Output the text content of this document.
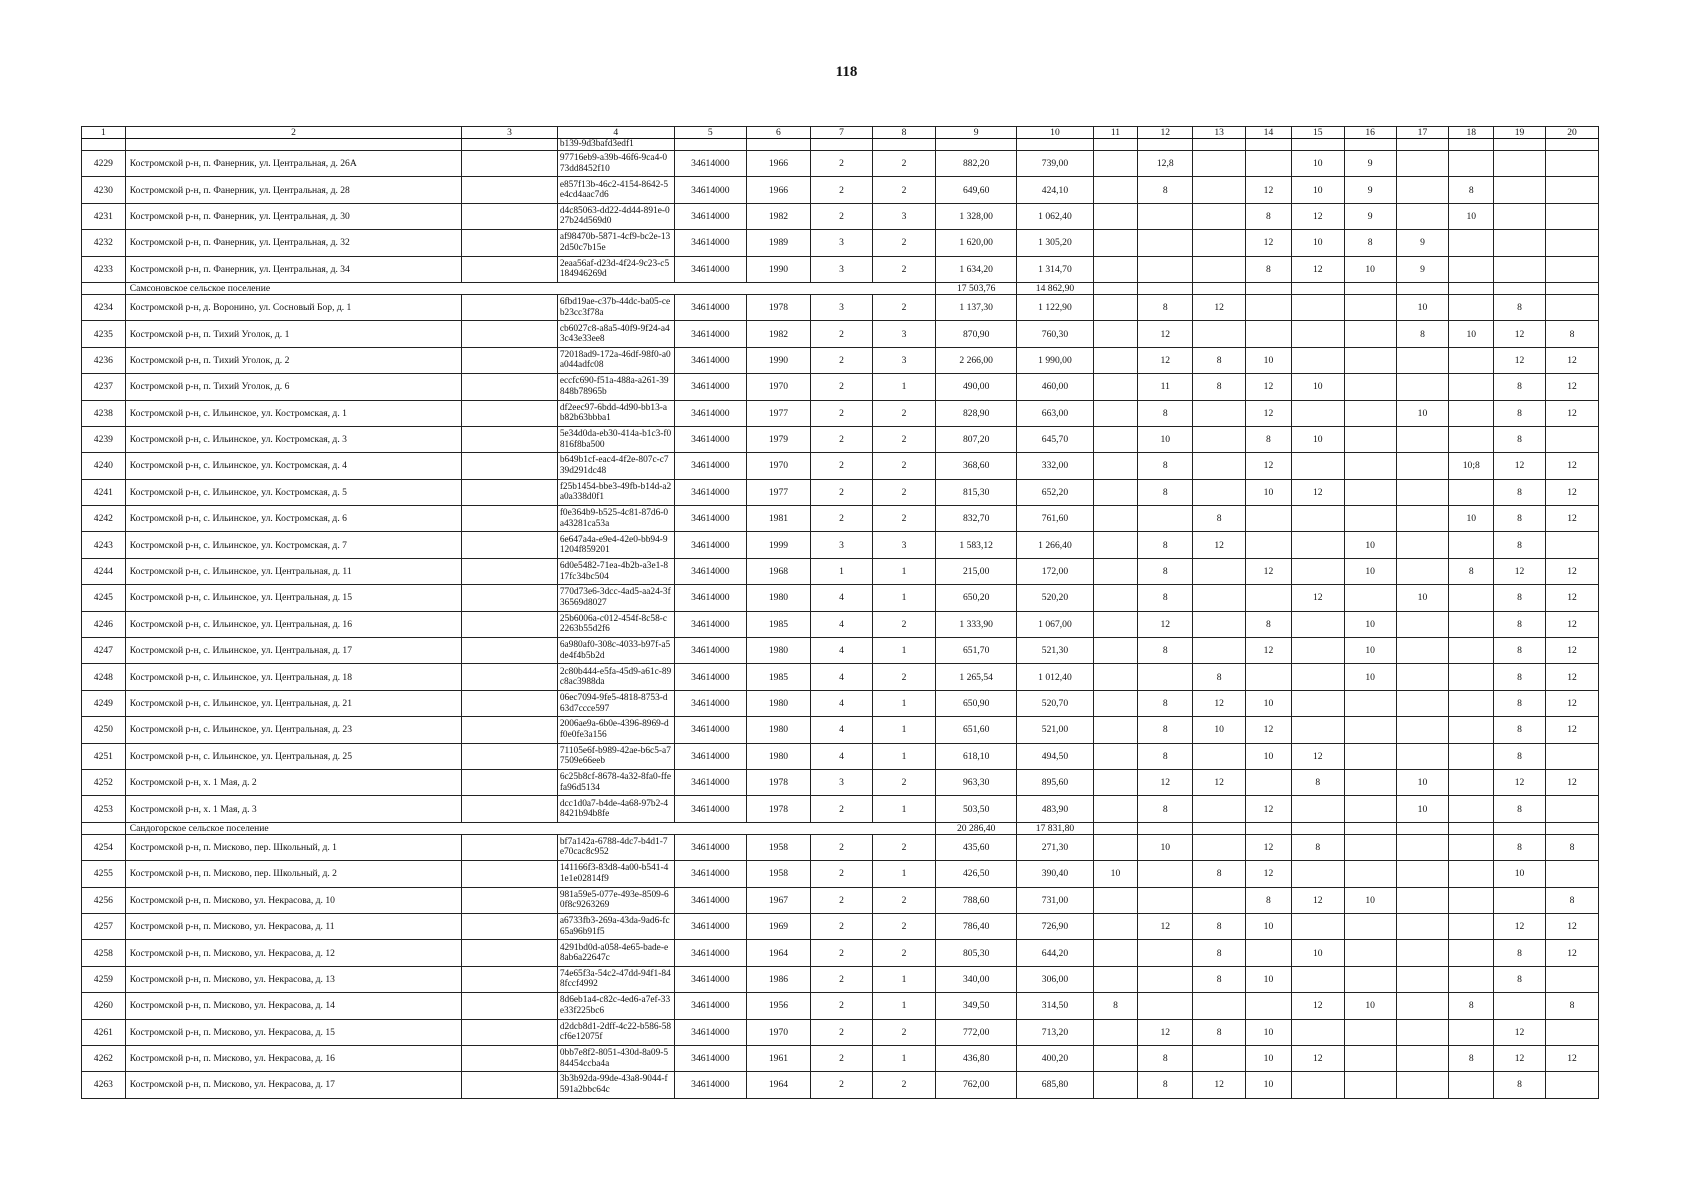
118
1	2	3	4	5	6	7	8	9	10	11	12	13	14	15	16	17	18	19	20
			b139-9d3bafd3edf1																
4229	Костромской р-н, п. Фанерник, ул. Центральная, д. 26А		97716eb9-a39b-46f6-9ca4-073dd8452f10	34614000	1966	2	2	882,20	739,00		12,8			10	9				
4230	Костромской р-н, п. Фанерник, ул. Центральная, д. 28		e857f13b-46c2-4154-8642-5e4cd4aac7d6	34614000	1966	2	2	649,60	424,10		8		12	10	9		8		
4231	Костромской р-н, п. Фанерник, ул. Центральная, д. 30		d4c85063-dd22-4d44-891e-027b24d569d0	34614000	1982	2	3	1 328,00	1 062,40				8	12	9		10		
4232	Костромской р-н, п. Фанерник, ул. Центральная, д. 32		af98470b-5871-4cf9-bc2e-132d50c7b15e	34614000	1989	3	2	1 620,00	1 305,20				12	10	8	9			
4233	Костромской р-н, п. Фанерник, ул. Центральная, д. 34		2eaa56af-d23d-4f24-9c23-c5184946269d	34614000	1990	3	2	1 634,20	1 314,70				8	12	10	9			
	Самсоновское сельское поселение							17 503,76	14 862,90										
4234	Костромской р-н, д. Воронино, ул. Сосновый Бор, д. 1		6fbd19ae-c37b-44dc-ba05-ceb23cc3f78a	34614000	1978	3	2	1 137,30	1 122,90		8	12				10		8	
4235	Костромской р-н, п. Тихий Уголок, д. 1		cb6027c8-a8a5-40f9-9f24-a43c43e33ee8	34614000	1982	2	3	870,90	760,30		12					8	10	12	8
4236	Костромской р-н, п. Тихий Уголок, д. 2		72018ad9-172a-46df-98f0-a0a044adfc08	34614000	1990	2	3	2 266,00	1 990,00		12	8	10					12	12
4237	Костромской р-н, п. Тихий Уголок, д. 6		eccfc690-f51a-488a-a261-39848b78965b	34614000	1970	2	1	490,00	460,00		11	8	12	10				8	12
4238	Костромской р-н, с. Ильинское, ул. Костромская, д. 1		df2eec97-6bdd-4d90-bb13-ab82b63bbba1	34614000	1977	2	2	828,90	663,00		8		12			10		8	12
4239	Костромской р-н, с. Ильинское, ул. Костромская, д. 3		5e34d0da-eb30-414a-b1c3-f0816f8ba500	34614000	1979	2	2	807,20	645,70		10		8	10				8	
4240	Костромской р-н, с. Ильинское, ул. Костромская, д. 4		b649b1cf-eac4-4f2e-807c-c739d291dc48	34614000	1970	2	2	368,60	332,00		8		12				10;8	12	12
4241	Костромской р-н, с. Ильинское, ул. Костромская, д. 5		f25b1454-bbe3-49fb-b14d-a2a0a338d0f1	34614000	1977	2	2	815,30	652,20		8		10	12				8	12
4242	Костромской р-н, с. Ильинское, ул. Костромская, д. 6		f0e364b9-b525-4c81-87d6-0a43281ca53a	34614000	1981	2	2	832,70	761,60			8					10	8	12
4243	Костромской р-н, с. Ильинское, ул. Костромская, д. 7		6e647a4a-e9e4-42e0-bb94-91204f859201	34614000	1999	3	3	1 583,12	1 266,40		8	12			10			8	
4244	Костромской р-н, с. Ильинское, ул. Центральная, д. 11		6d0e5482-71ea-4b2b-a3e1-817fc34bc504	34614000	1968	1	1	215,00	172,00		8		12		10		8	12	12
4245	Костромской р-н, с. Ильинское, ул. Центральная, д. 15		770d73e6-3dcc-4ad5-aa24-3f36569d8027	34614000	1980	4	1	650,20	520,20		8			12		10		8	12
4246	Костромской р-н, с. Ильинское, ул. Центральная, д. 16		25b6006a-c012-454f-8c58-c2263b55d2f6	34614000	1985	4	2	1 333,90	1 067,00		12		8		10			8	12
4247	Костромской р-н, с. Ильинское, ул. Центральная, д. 17		6a980af0-308c-4033-b97f-a5de4f4b5b2d	34614000	1980	4	1	651,70	521,30		8		12		10			8	12
4248	Костромской р-н, с. Ильинское, ул. Центральная, д. 18		2c80b444-e5fa-45d9-a61c-89c8ac3988da	34614000	1985	4	2	1 265,54	1 012,40			8			10			8	12
4249	Костромской р-н, с. Ильинское, ул. Центральная, д. 21		06ec7094-9fe5-4818-8753-d63d7ccce597	34614000	1980	4	1	650,90	520,70		8	12	10					8	12
4250	Костромской р-н, с. Ильинское, ул. Центральная, д. 23		2006ae9a-6b0e-4396-8969-df0e0fe3a156	34614000	1980	4	1	651,60	521,00		8	10	12					8	12
4251	Костромской р-н, с. Ильинское, ул. Центральная, д. 25		71105e6f-b989-42ae-b6c5-a77509e66eeb	34614000	1980	4	1	618,10	494,50		8		10	12				8	
4252	Костромской р-н, х. 1 Мая, д. 2		6c25b8cf-8678-4a32-8fa0-ffefa96d5134	34614000	1978	3	2	963,30	895,60		12	12		8		10		12	12
4253	Костромской р-н, х. 1 Мая, д. 3		dcc1d0a7-b4de-4a68-97b2-48421b94b8fe	34614000	1978	2	1	503,50	483,90		8		12			10		8	
	Сандогорское сельское поселение							20 286,40	17 831,80										
4254	Костромской р-н, п. Мисково, пер. Школьный, д. 1		bf7a142a-6788-4dc7-b4d1-7e70cac8c952	34614000	1958	2	2	435,60	271,30		10		12	8				8	8
4255	Костромской р-н, п. Мисково, пер. Школьный, д. 2		141166f3-83d8-4a00-b541-41e1e02814f9	34614000	1958	2	1	426,50	390,40	10		8	12					10	
4256	Костромской р-н, п. Мисково, ул. Некрасова, д. 10		981a59e5-077e-493e-8509-60f8c9263269	34614000	1967	2	2	788,60	731,00				8	12	10				8
4257	Костромской р-н, п. Мисково, ул. Некрасова, д. 11		a6733fb3-269a-43da-9ad6-fc65a96b91f5	34614000	1969	2	2	786,40	726,90		12	8	10					12	12
4258	Костромской р-н, п. Мисково, ул. Некрасова, д. 12		4291bd0d-a058-4e65-bade-e8ab6a22647c	34614000	1964	2	2	805,30	644,20			8		10				8	12
4259	Костромской р-н, п. Мисково, ул. Некрасова, д. 13		74e65f3a-54c2-47dd-94f1-848fccf4992	34614000	1986	2	1	340,00	306,00			8	10					8	
4260	Костромской р-н, п. Мисково, ул. Некрасова, д. 14		8d6eb1a4-c82c-4ed6-a7ef-33e33f225bc6	34614000	1956	2	1	349,50	314,50	8				12	10		8		8
4261	Костромской р-н, п. Мисково, ул. Некрасова, д. 15		d2dcb8d1-2dff-4c22-b586-58cf6e12075f	34614000	1970	2	2	772,00	713,20		12	8	10					12	
4262	Костромской р-н, п. Мисково, ул. Некрасова, д. 16		0bb7e8f2-8051-430d-8a09-584454ccba4a	34614000	1961	2	1	436,80	400,20		8		10	12			8	12	12
4263	Костромской р-н, п. Мисково, ул. Некрасова, д. 17		3b3b92da-99de-43a8-9044-f591a2bbc64c	34614000	1964	2	2	762,00	685,80		8	12	10					8	
